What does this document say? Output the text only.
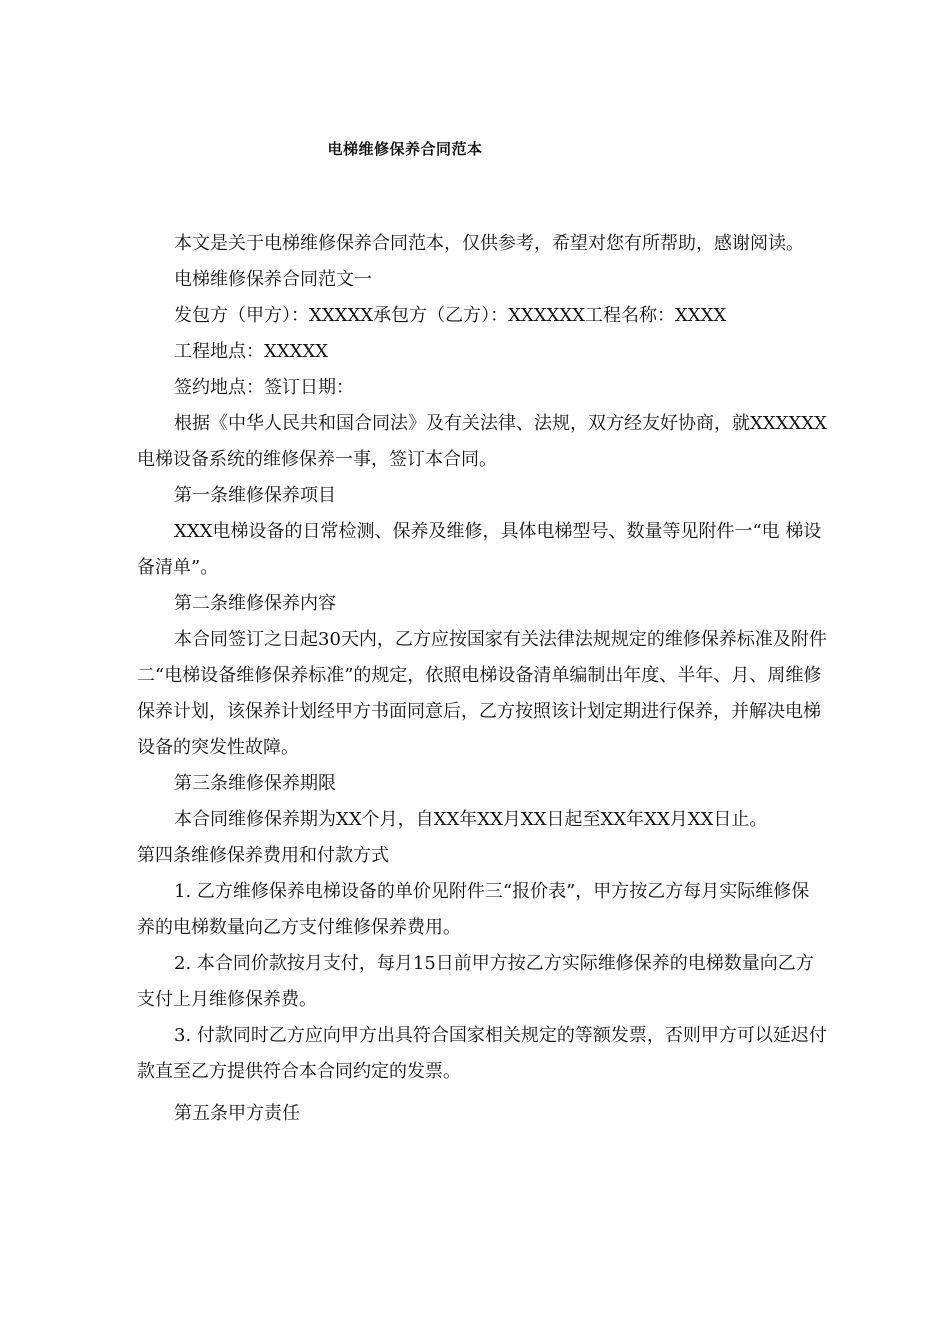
电梯维修保养合同范本

本文是关于电梯维修保养合同范本，仅供参考，希望对您有所帮助，感谢阅读。

电梯维修保养合同范文一

发包方（甲方）：XXXXX承包方（乙方）：XXXXXX工程名称：XXXX

工程地点：XXXXX

签约地点：签订日期：

根据《中华人民共和国合同法》及有关法律、法规，双方经友好协商，就XXXXXX 电梯设备系统的维修保养一事，签订本合同。

第一条维修保养项目

XXX电梯设备的日常检测、保养及维修，具体电梯型号、数量等见附件一“电 梯设备清单”。

第二条维修保养内容

本合同签订之日起30天内，乙方应按国家有关法律法规规定的维修保养标准及附件二“电梯设备维修保养标准”的规定，依照电梯设备清单编制出年度、半年、月、周维修保养计划，该保养计划经甲方书面同意后，乙方按照该计划定期进行保养，并解决电梯设备的突发性故障。

第三条维修保养期限

本合同维修保养期为XX个月，自XX年XX月XX日起至XX年XX月XX日止。

第四条维修保养费用和付款方式

1. 乙方维修保养电梯设备的单价见附件三“报价表”，甲方按乙方每月实际维修保养的电梯数量向乙方支付维修保养费用。

2. 本合同价款按月支付，每月15日前甲方按乙方实际维修保养的电梯数量向乙方支付上月维修保养费。

3. 付款同时乙方应向甲方出具符合国家相关规定的等额发票，否则甲方可以延迟付款直至乙方提供符合本合同约定的发票。

第五条甲方责任
